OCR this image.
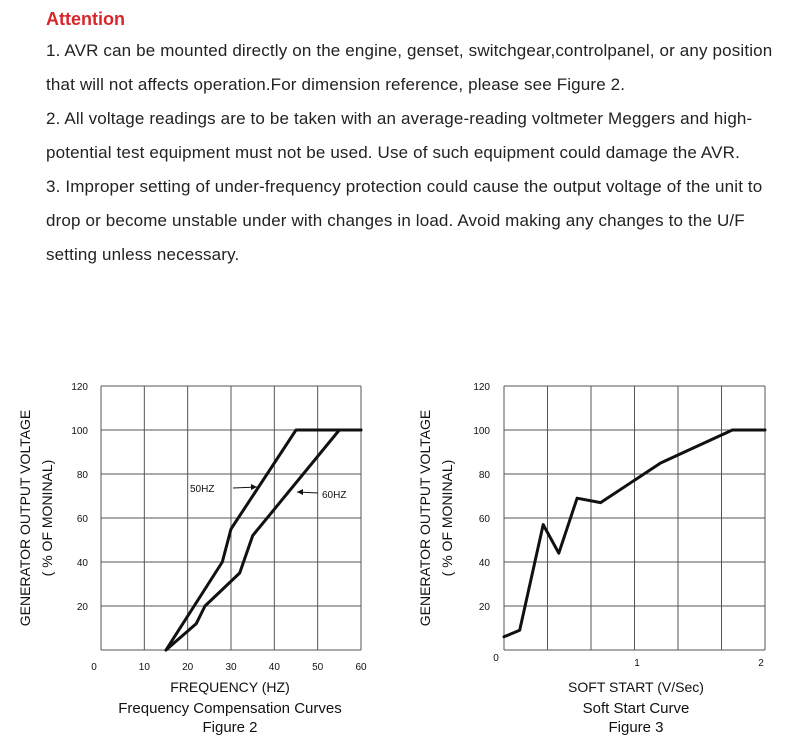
Attention

1. AVR can be mounted directly on the engine, genset, switchgear,controlpanel, or any position that will not affects operation.For dimension reference, please see Figure 2.

2. All voltage readings are to be taken with an average-reading voltmeter Meggers and high-potential test equipment must not be used. Use of such equipment could damage the AVR.

3. Improper setting of under-frequency protection could cause the output voltage of the unit to drop or become unstable under with changes in load. Avoid making any changes to the U/F setting unless necessary.

20
40
60
80
100
120
0	10	20	30	40	50	60
GENERATOR OUTPUT VOLTAGE ( % OF MONINAL)
FREQUENCY (HZ)
Frequency Compensation Curves
Figure 2
50HZ
60HZ
20
40
60
80
100
120
0	1	2
GENERATOR OUTPUT VOLTAGE ( % OF MONINAL)
SOFT START (V/Sec)
Soft Start Curve
Figure 3
